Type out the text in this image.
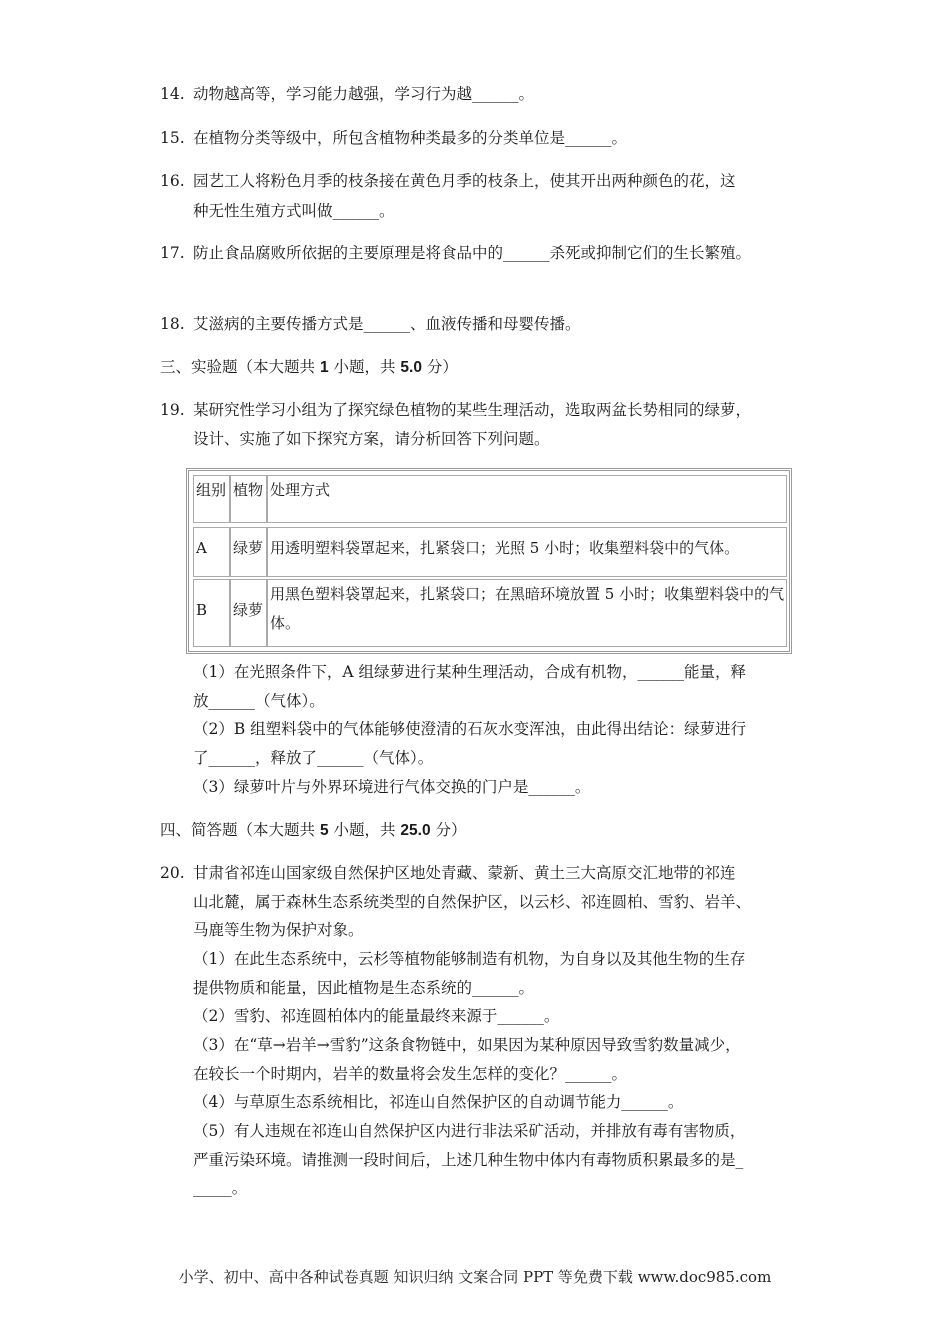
14. 动物越高等，学习能力越强，学习行为越______。
15. 在植物分类等级中，所包含植物种类最多的分类单位是______。
16. 园艺工人将粉色月季的枝条接在黄色月季的枝条上，使其开出两种颜色的花，这
种无性生殖方式叫做______。
17. 防止食品腐败所依据的主要原理是将食品中的______杀死或抑制它们的生长繁殖。
18. 艾滋病的主要传播方式是______、血液传播和母婴传播。
三、实验题（本大题共 1 小题，共 5.0 分）
19. 某研究性学习小组为了探究绿色植物的某些生理活动，选取两盆长势相同的绿萝，
设计、实施了如下探究方案，请分析回答下列问题。
组别 植物 处理方式
A	绿萝 用透明塑料袋罩起来，扎紧袋口；光照 5 小时；收集塑料袋中的气体。
B	绿萝
用黑色塑料袋罩起来，扎紧袋口；在黑暗环境放置 5 小时；收集塑料袋中的气体。
（1）在光照条件下，A 组绿萝进行某种生理活动，合成有机物，______能量，释
放______（气体）。
（2）B 组塑料袋中的气体能够使澄清的石灰水变浑浊，由此得出结论：绿萝进行
了______，释放了______（气体）。
（3）绿萝叶片与外界环境进行气体交换的门户是______。
四、简答题（本大题共 5 小题，共 25.0 分）
20. 甘肃省祁连山国家级自然保护区地处青藏、蒙新、黄土三大高原交汇地带的祁连
山北麓，属于森林生态系统类型的自然保护区，以云杉、祁连圆柏、雪豹、岩羊、
马鹿等生物为保护对象。
（1）在此生态系统中，云杉等植物能够制造有机物，为自身以及其他生物的生存
提供物质和能量，因此植物是生态系统的______。
（2）雪豹、祁连圆柏体内的能量最终来源于______。
（3）在“草→岩羊→雪豹”这条食物链中，如果因为某种原因导致雪豹数量减少，
在较长一个时期内，岩羊的数量将会发生怎样的变化？______。
（4）与草原生态系统相比，祁连山自然保护区的自动调节能力______。
（5）有人违规在祁连山自然保护区内进行非法采矿活动，并排放有毒有害物质，
严重污染环境。请推测一段时间后，上述几种生物中体内有毒物质积累最多的是_
_____。
小学、初中、高中各种试卷真题 知识归纳 文案合同 PPT 等免费下载 www.doc985.com
